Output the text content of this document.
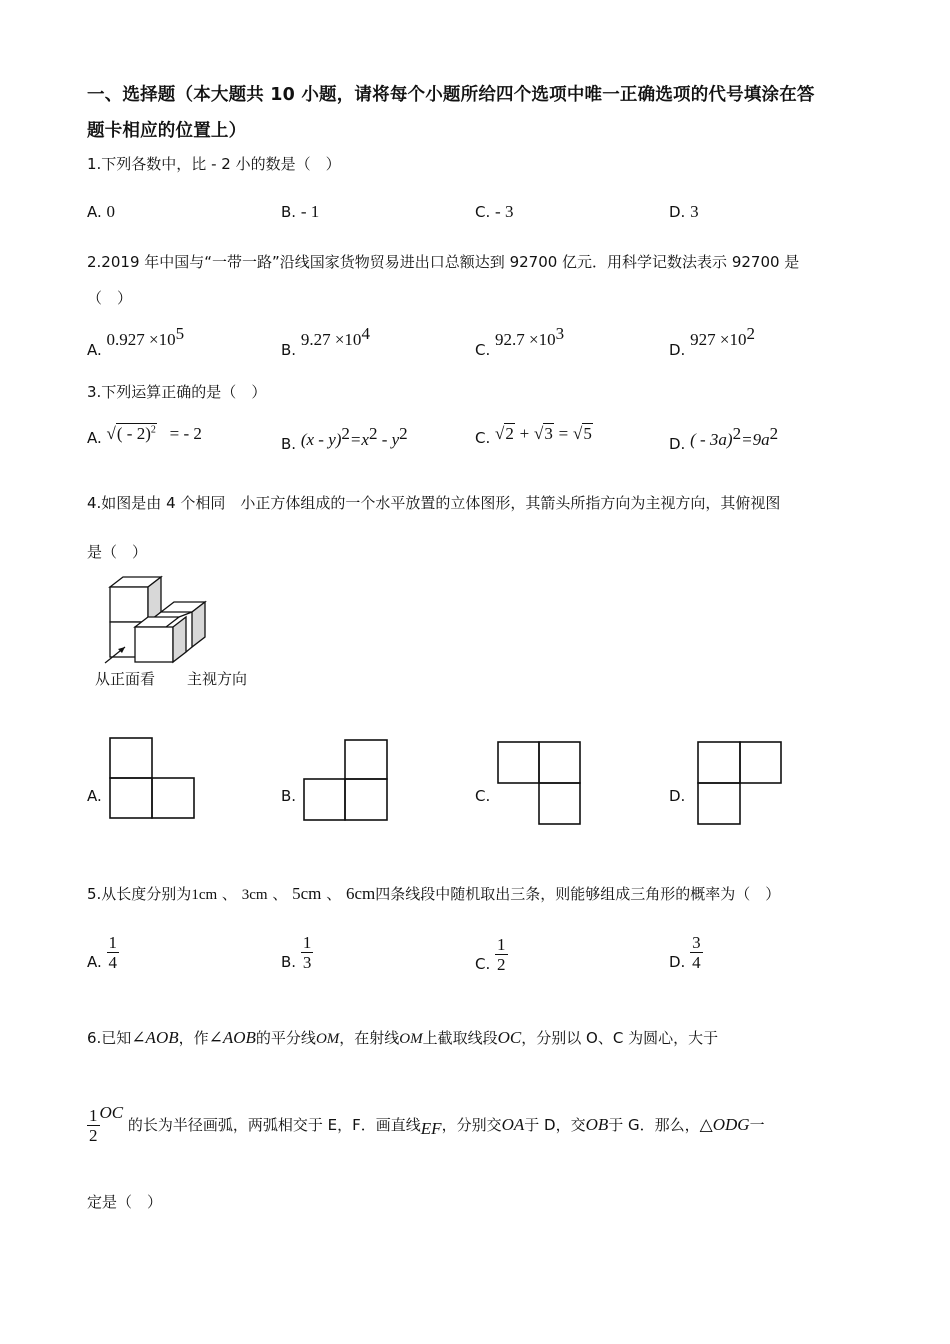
一、选择题（本大题共 10 小题，请将每个小题所给四个选项中唯一正确选项的代号填涂在答
题卡相应的位置上）
1.下列各数中，比 - 2 小的数是（　）
A. 0	B. - 1	C. - 3	D. 3
2.2019 年中国与“一带一路”沿线国家货物贸易进出口总额达到 92700 亿元．用科学记数法表示 92700 是
（　）
A. $0.927 \times 10^5$
B. $9.27 \times 10^4$
C. $92.7 \times 10^3$
D. $927 \times 10^2$
3.下列运算正确的是（　）
A. √( - 2)$^2$ = - 2
B. $(x - y)^2=x^2 - y^2$	C. √2 + √3 = √5
D. ( - $3a)^2=9a^2$
4.如图是由 4 个相同　小正方体组成的一个水平放置的立体图形，其箭头所指方向为主视方向，其俯视图
是（　）
从正面看 主视方向
A.	B.	C.	D.
5.从长度分别为1cm 、 3cm 、 5cm 、 6cm四条线段中随机取出三条，则能够组成三角形的概率为（　）
A. $\frac{1}{4}$	B. $\frac{1}{3}$	C. $\frac{1}{2}$	D. $\frac{3}{4}$
6.已知∠AOB，作∠AOB的平分线OM，在射线OM上截取线段OC，分别以 O、C 为圆心，大于
$\frac{1}{2}$ OC 的长为半径画弧，两弧相交于 E，F．画直线EF，分别交OA于 D，交OB于 G．那么，△ODG一
定是（　）
